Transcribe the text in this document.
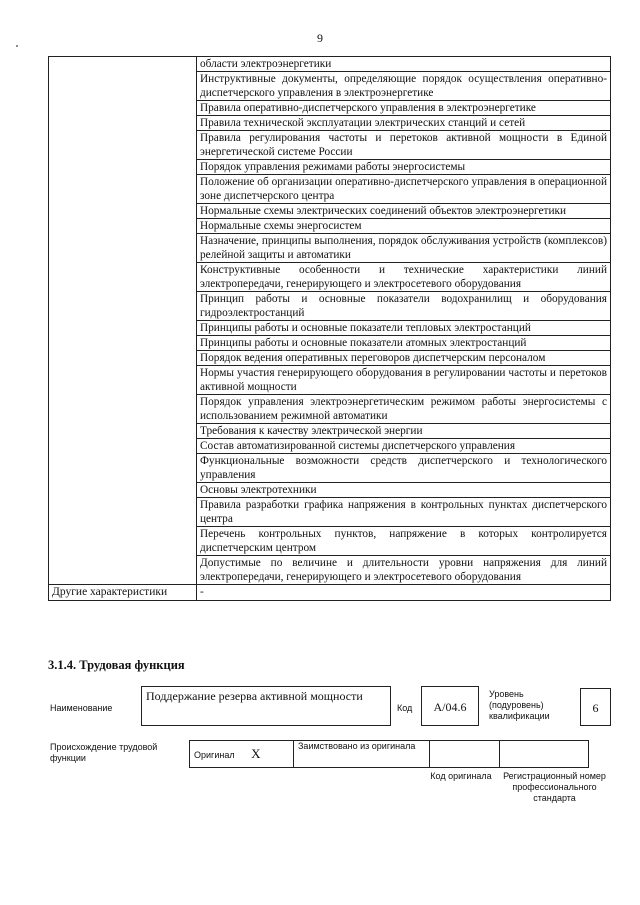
9
	области электроэнергетики
	Инструктивные документы, определяющие порядок осуществления оперативно-диспетчерского управления в электроэнергетике
	Правила оперативно-диспетчерского управления в электроэнергетике
	Правила технической эксплуатации электрических станций и сетей
	Правила регулирования частоты и перетоков активной мощности в Единой энергетической системе России
	Порядок управления режимами работы энергосистемы
	Положение об организации оперативно-диспетчерского управления в операционной зоне диспетчерского центра
	Нормальные схемы электрических соединений объектов электроэнергетики
	Нормальные схемы энергосистем
	Назначение, принципы выполнения, порядок обслуживания устройств (комплексов) релейной защиты и автоматики
	Конструктивные особенности и технические характеристики линий электропередачи, генерирующего и электросетевого оборудования
	Принцип работы и основные показатели водохранилищ и оборудования гидроэлектростанций
	Принципы работы и основные показатели тепловых электростанций
	Принципы работы и основные показатели атомных электростанций
	Порядок ведения оперативных переговоров диспетчерским персоналом
	Нормы участия генерирующего оборудования в регулировании частоты и перетоков активной мощности
	Порядок управления электроэнергетическим режимом работы энергосистемы с использованием режимной автоматики
	Требования к качеству электрической энергии
	Состав автоматизированной системы диспетчерского управления
	Функциональные возможности средств диспетчерского и технологического управления
	Основы электротехники
	Правила разработки графика напряжения в контрольных пунктах диспетчерского центра
	Перечень контрольных пунктов, напряжение в которых контролируется диспетчерским центром
	Допустимые по величине и длительности уровни напряжения для линий электропередачи, генерирующего и электросетевого оборудования
Другие характеристики	-
3.1.4. Трудовая функция
Наименование
Поддержание резерва активной мощности
Код	A/04.6
Уровень (подуровень) квалификации
6
Происхождение трудовой функции	Оригинал X	Заимствовано из оригинала		
Код оригинала	Регистрационный номер профессионального стандарта
